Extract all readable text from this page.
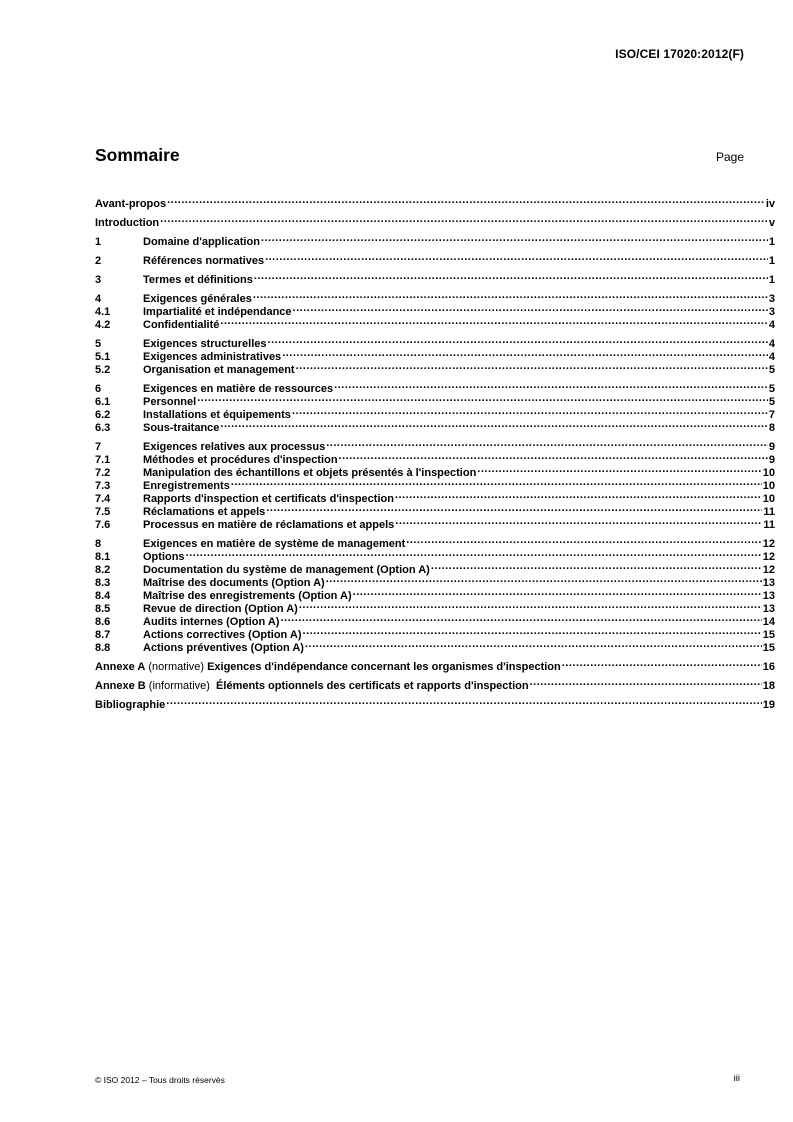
ISO/CEI 17020:2012(F)
Sommaire	Page
Avant-propos .....	iv
Introduction .....	v
1	Domaine d'application .....	1
2	Références normatives .....	1
3	Termes et définitions .....	1
4	Exigences générales .....	3
4.1	Impartialité et indépendance .....	3
4.2	Confidentialité .....	4
5	Exigences structurelles .....	4
5.1	Exigences administratives .....	4
5.2	Organisation et management .....	5
6	Exigences en matière de ressources .....	5
6.1	Personnel .....	5
6.2	Installations et équipements .....	7
6.3	Sous-traitance .....	8
7	Exigences relatives aux processus .....	9
7.1	Méthodes et procédures d'inspection .....	9
7.2	Manipulation des échantillons et objets présentés à l'inspection .....	10
7.3	Enregistrements .....	10
7.4	Rapports d'inspection et certificats d'inspection .....	10
7.5	Réclamations et appels .....	11
7.6	Processus en matière de réclamations et appels .....	11
8	Exigences en matière de système de management .....	12
8.1	Options .....	12
8.2	Documentation du système de management (Option A) .....	12
8.3	Maîtrise des documents (Option A) .....	13
8.4	Maîtrise des enregistrements (Option A) .....	13
8.5	Revue de direction (Option A) .....	13
8.6	Audits internes (Option A) .....	14
8.7	Actions correctives (Option A) .....	15
8.8	Actions préventives (Option A) .....	15
Annexe A (normative) Exigences d'indépendance concernant les organismes d'inspection .....	16
Annexe B (informative)  Éléments optionnels des certificats et rapports d'inspection .....	18
Bibliographie .....	19
© ISO 2012 – Tous droits réservés	iii
